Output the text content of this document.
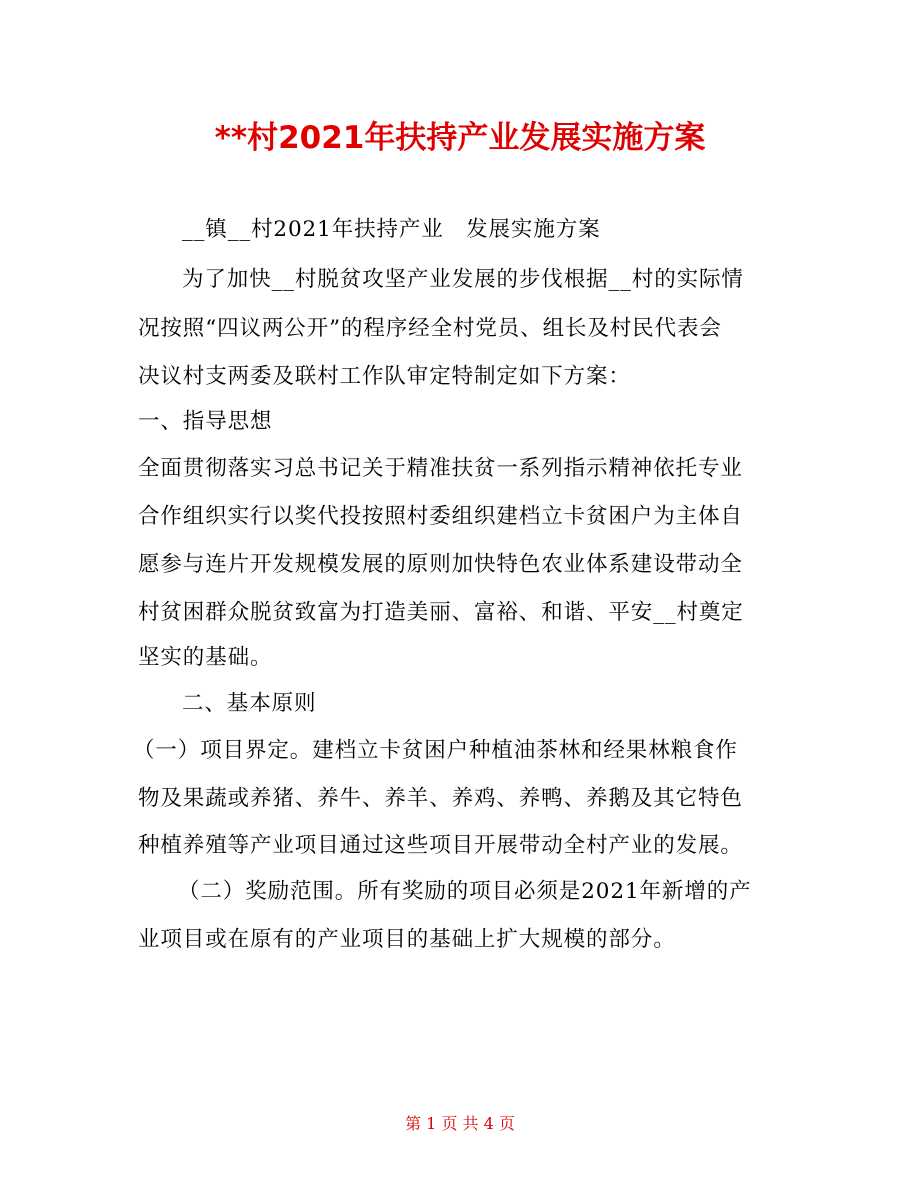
**村2021年扶持产业发展实施方案
__镇__村2021年扶持产业　发展实施方案
为了加快__村脱贫攻坚产业发展的步伐根据__村的实际情
况按照“四议两公开”的程序经全村党员、组长及村民代表会
决议村支两委及联村工作队审定特制定如下方案：
一、指导思想
全面贯彻落实习总书记关于精准扶贫一系列指示精神依托专业
合作组织实行以奖代投按照村委组织建档立卡贫困户为主体自
愿参与连片开发规模发展的原则加快特色农业体系建设带动全
村贫困群众脱贫致富为打造美丽、富裕、和谐、平安__村奠定
坚实的基础。
二、基本原则
（一）项目界定。建档立卡贫困户种植油茶林和经果林粮食作
物及果蔬或养猪、养牛、养羊、养鸡、养鸭、养鹅及其它特色
种植养殖等产业项目通过这些项目开展带动全村产业的发展。
（二）奖励范围。所有奖励的项目必须是2021年新增的产
业项目或在原有的产业项目的基础上扩大规模的部分。
第 1 页 共 4 页
